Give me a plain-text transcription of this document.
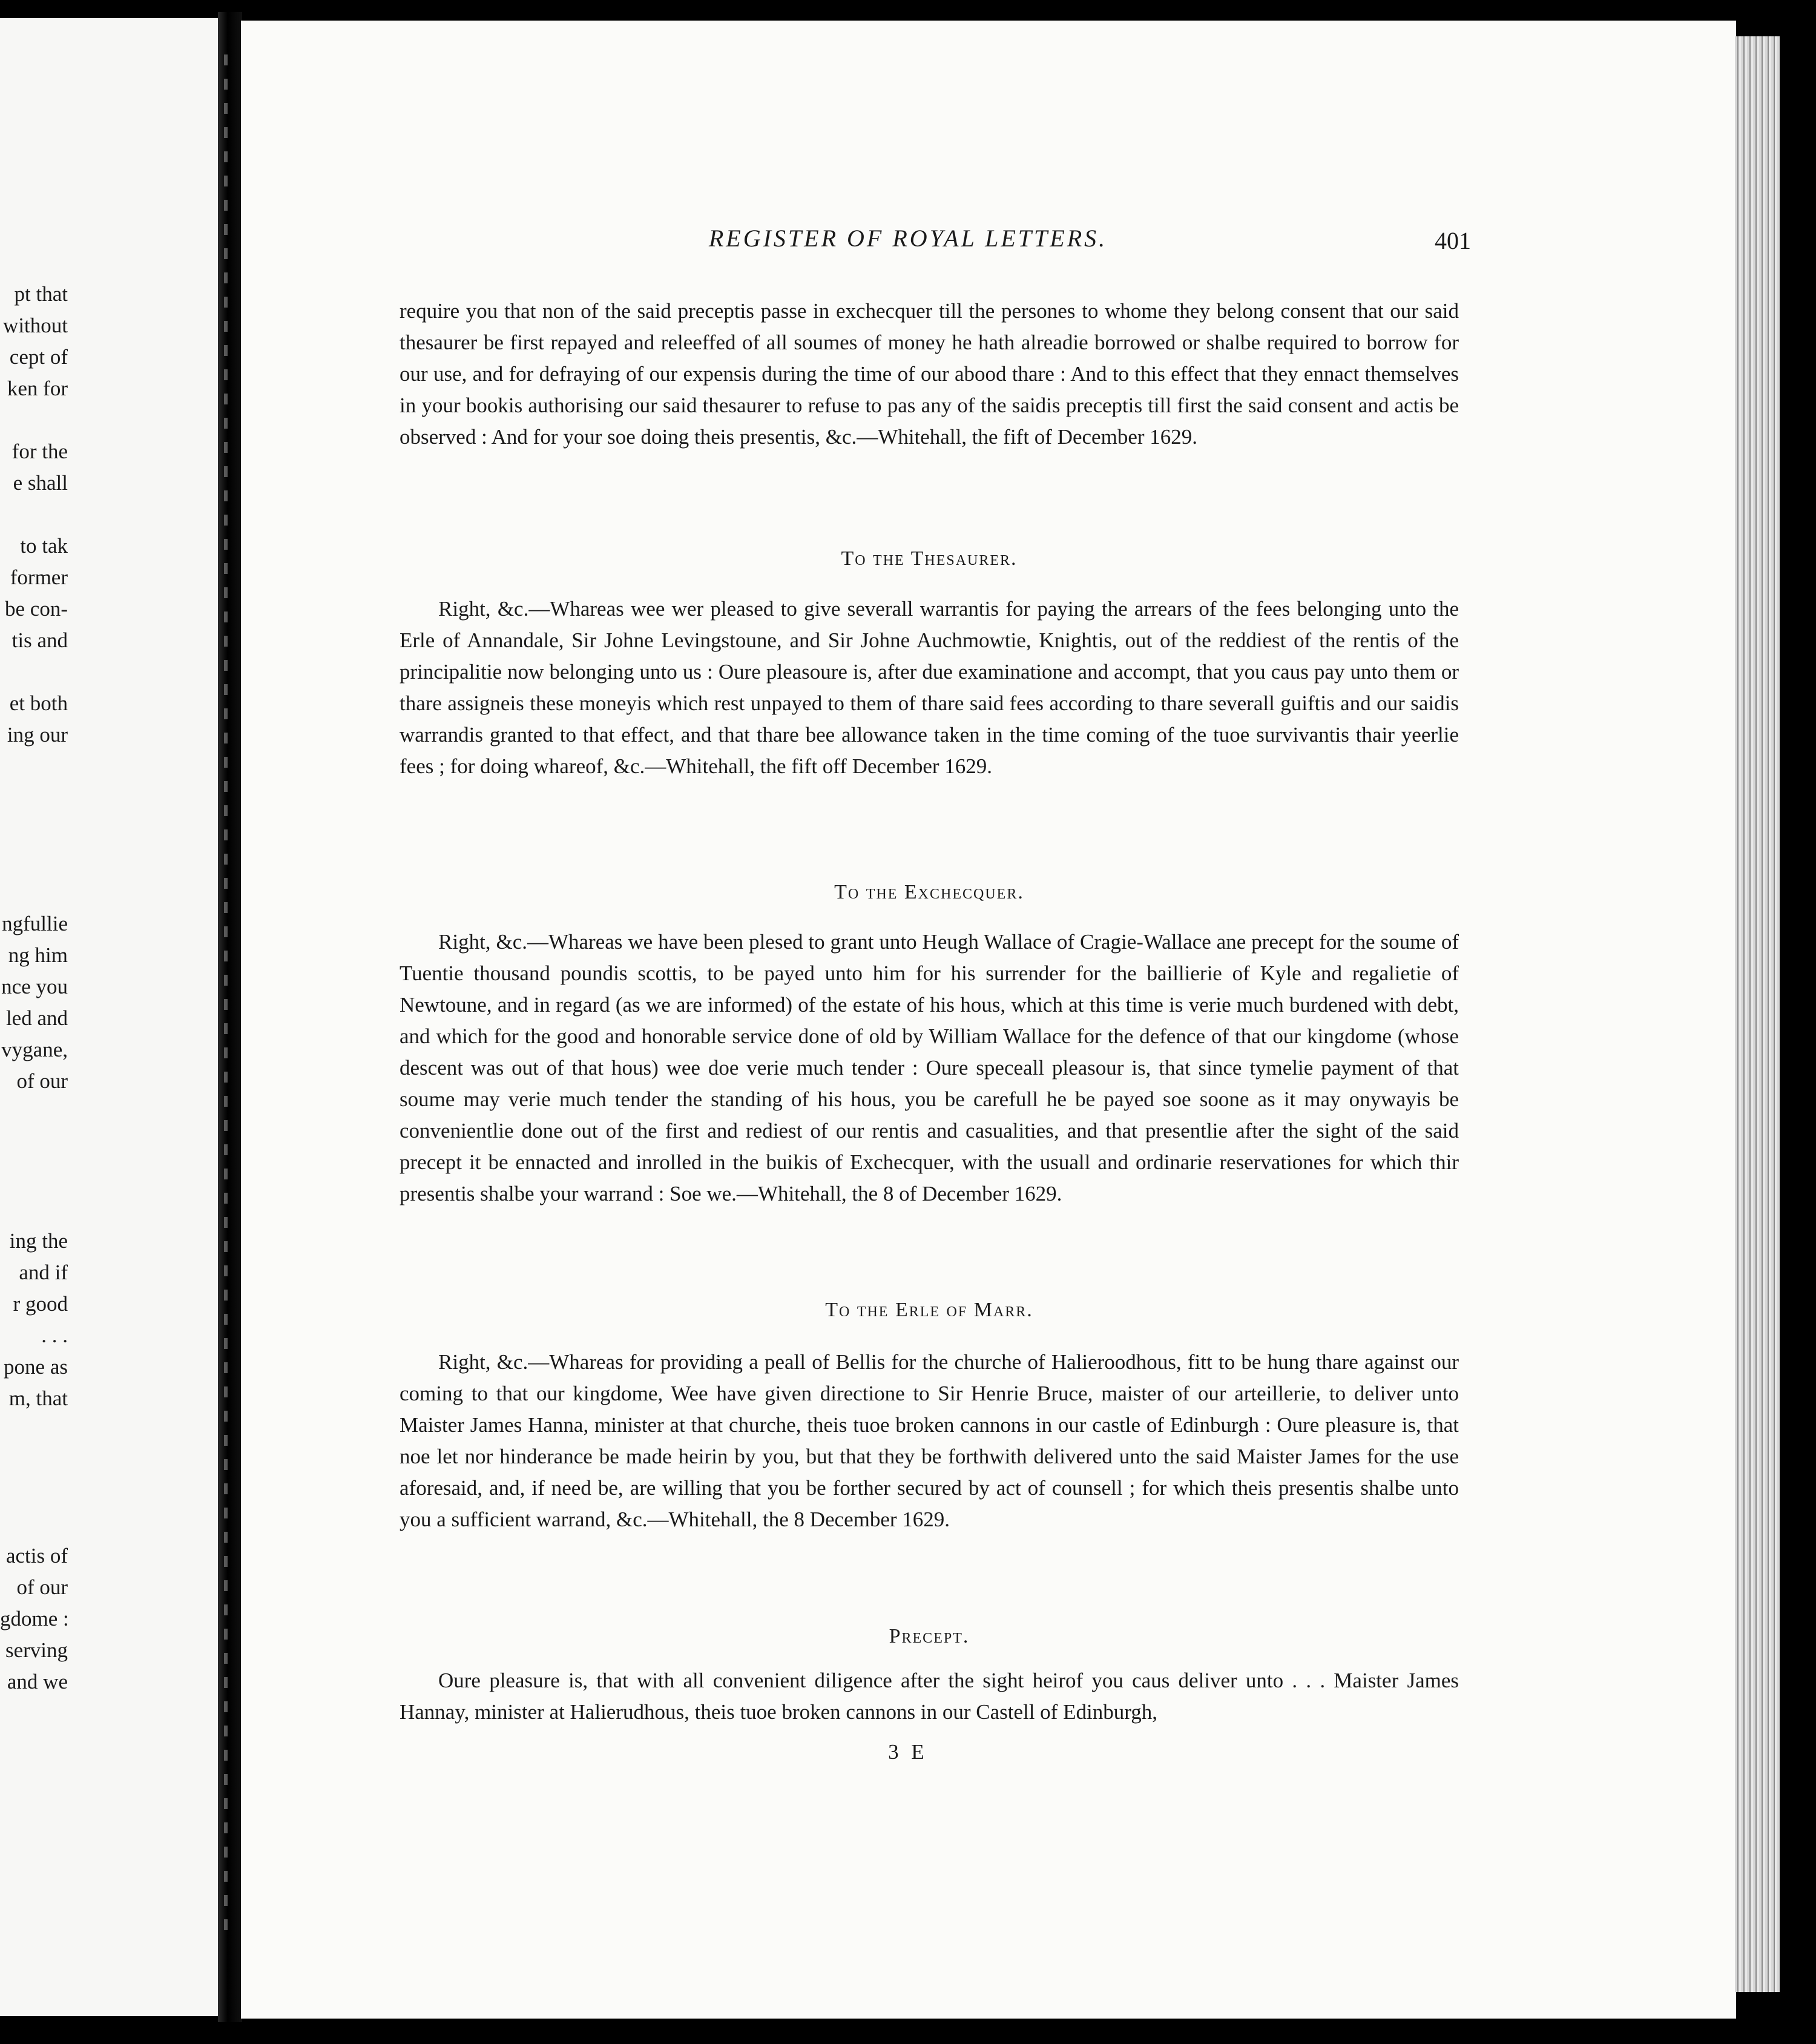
pt that
without
cept of
ken for
for the
e shall
to tak
former
be con-
tis and
et both
ing our
ngfullie
ng him
nce you
led and
vygane,
of our
ing the
and if
r good
. . .
pone as
m, that
actis of
of our
gdome :
serving
and we
REGISTER OF ROYAL LETTERS.	401

require you that non of the said preceptis passe in exchecquer till the persones to whome they belong consent that our said thesaurer be first repayed and releeffed of all soumes of money he hath alreadie borrowed or shalbe required to borrow for our use, and for defraying of our expensis during the time of our abood thare : And to this effect that they ennact themselves in your bookis authorising our said thesaurer to refuse to pas any of the saidis preceptis till first the said consent and actis be observed : And for your soe doing theis presentis, &c.—Whitehall, the fift of December 1629.

To the Thesaurer.

Right, &c.—Whareas wee wer pleased to give severall warrantis for paying the arrears of the fees belonging unto the Erle of Annandale, Sir Johne Levingstoune, and Sir Johne Auchmowtie, Knightis, out of the reddiest of the rentis of the principalitie now belonging unto us : Oure pleasoure is, after due examinatione and accompt, that you caus pay unto them or thare assigneis these moneyis which rest unpayed to them of thare said fees according to thare severall guiftis and our saidis warrandis granted to that effect, and that thare bee allowance taken in the time coming of the tuoe survivantis thair yeerlie fees ; for doing whareof, &c.—Whitehall, the fift off December 1629.

To the Exchecquer.

Right, &c.—Whareas we have been plesed to grant unto Heugh Wallace of Cragie-Wallace ane precept for the soume of Tuentie thousand poundis scottis, to be payed unto him for his surrender for the baillierie of Kyle and regalietie of Newtoune, and in regard (as we are informed) of the estate of his hous, which at this time is verie much burdened with debt, and which for the good and honorable service done of old by William Wallace for the defence of that our kingdome (whose descent was out of that hous) wee doe verie much tender : Oure speceall pleasour is, that since tymelie payment of that soume may verie much tender the standing of his hous, you be carefull he be payed soe soone as it may onywayis be convenientlie done out of the first and rediest of our rentis and casualities, and that presentlie after the sight of the said precept it be ennacted and inrolled in the buikis of Exchecquer, with the usuall and ordinarie reservationes for which thir presentis shalbe your warrand : Soe we.—Whitehall, the 8 of December 1629.

To the Erle of Marr.

Right, &c.—Whareas for providing a peall of Bellis for the churche of Halieroodhous, fitt to be hung thare against our coming to that our kingdome, Wee have given directione to Sir Henrie Bruce, maister of our arteillerie, to deliver unto Maister James Hanna, minister at that churche, theis tuoe broken cannons in our castle of Edinburgh : Oure pleasure is, that noe let nor hinderance be made heirin by you, but that they be forthwith delivered unto the said Maister James for the use aforesaid, and, if need be, are willing that you be forther secured by act of counsell ; for which theis presentis shalbe unto you a sufficient warrand, &c.—Whitehall, the 8 December 1629.

Precept.

Oure pleasure is, that with all convenient diligence after the sight heirof you caus deliver unto . . . Maister James Hannay, minister at Halierudhous, theis tuoe broken cannons in our Castell of Edinburgh,

3 E
